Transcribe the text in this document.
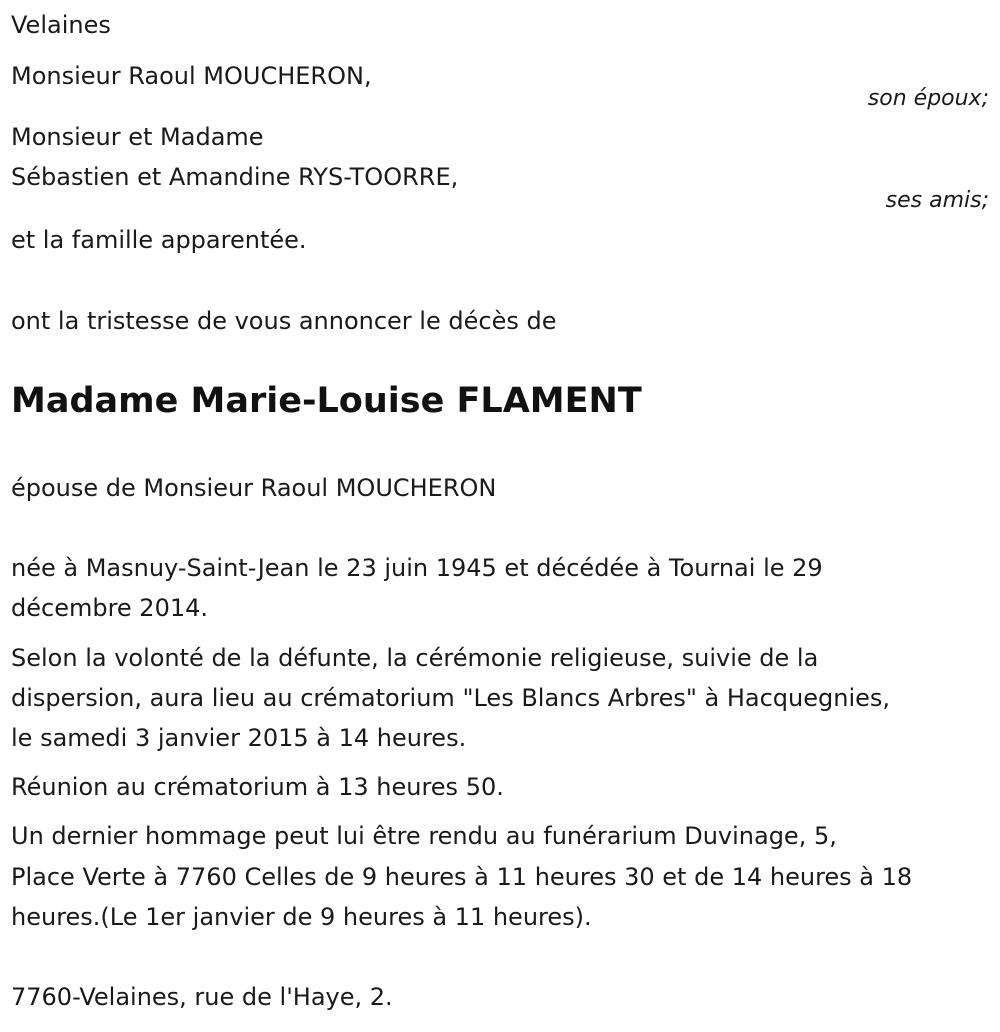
Velaines
Monsieur Raoul MOUCHERON,
son époux;
Monsieur et Madame
Sébastien et Amandine RYS-TOORRE,
ses amis;
et la famille apparentée.
ont la tristesse de vous annoncer le décès de
Madame Marie-Louise FLAMENT
épouse de Monsieur Raoul MOUCHERON
née à Masnuy-Saint-Jean le 23 juin 1945 et décédée à Tournai le 29
décembre 2014.
Selon la volonté de la défunte, la cérémonie religieuse, suivie de la
dispersion, aura lieu au crématorium "Les Blancs Arbres" à Hacquegnies,
le samedi 3 janvier 2015 à 14 heures.
Réunion au crématorium à 13 heures 50.
Un dernier hommage peut lui être rendu au funérarium Duvinage, 5,
Place Verte à 7760 Celles de 9 heures à 11 heures 30 et de 14 heures à 18
heures.(Le 1er janvier de 9 heures à 11 heures).
7760-Velaines, rue de l'Haye, 2.
